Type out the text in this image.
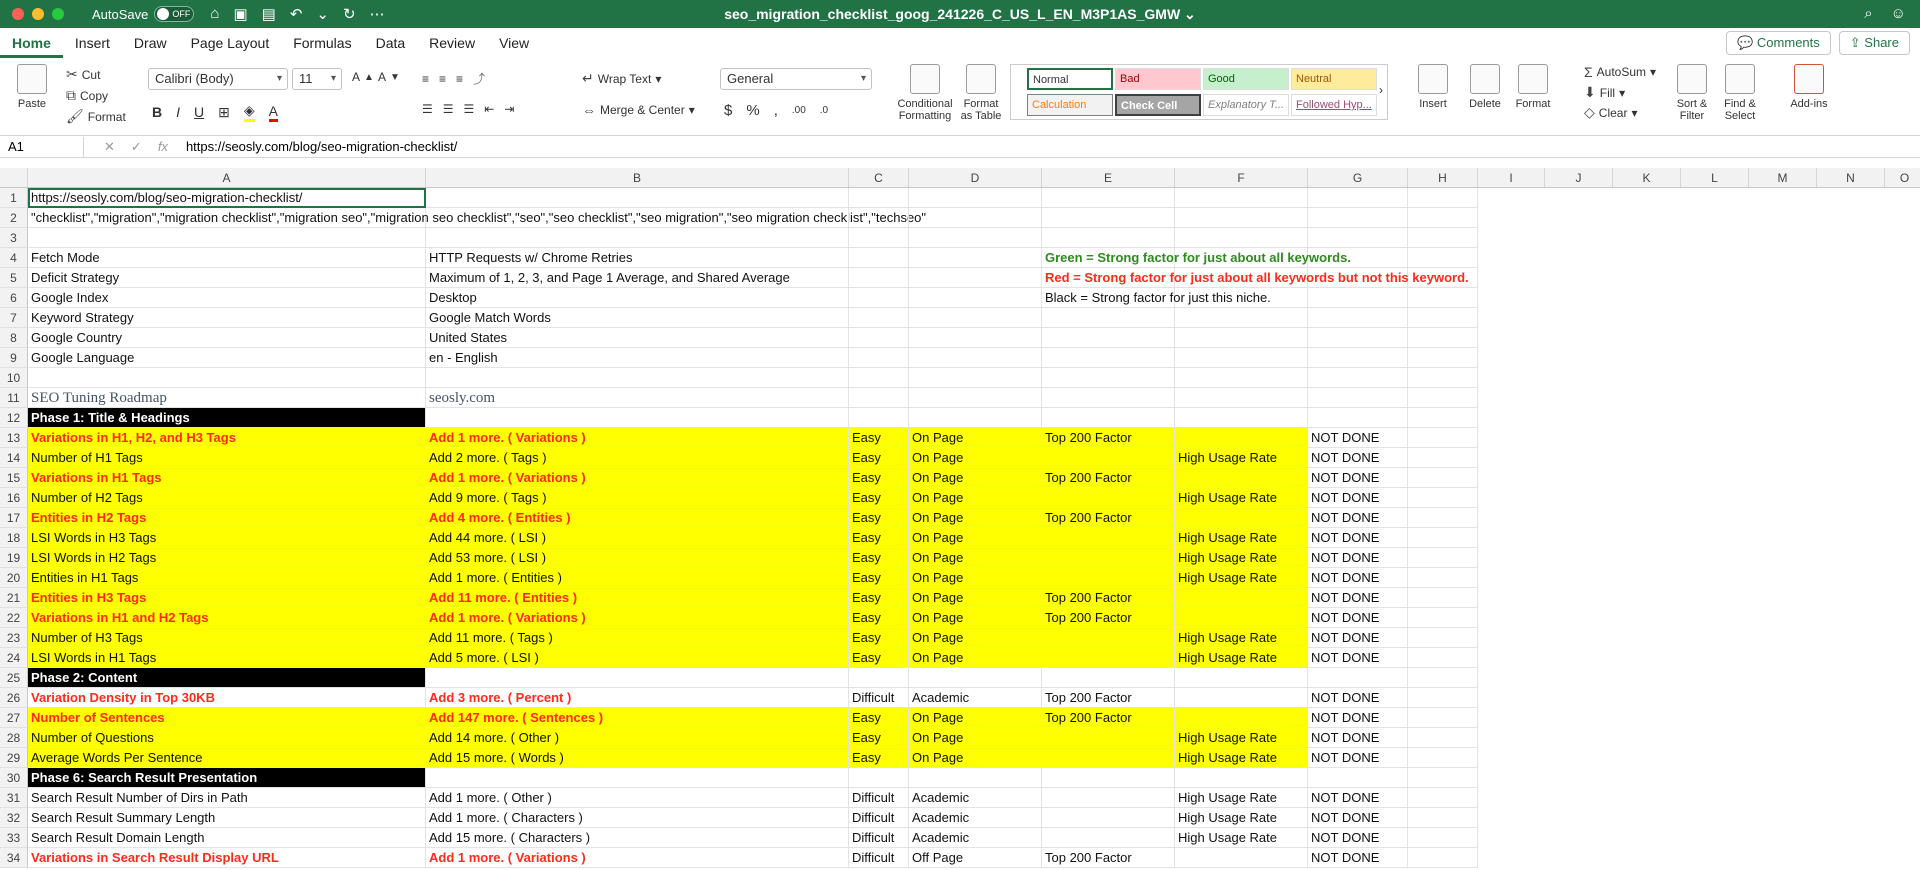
AutoSave	OFF ⌂ ▣ ▤ ↶ ⌄ ↻ ⋯	seo_migration_checklist_goog_241226_C_US_L_EN_M3P1AS_GMW ⌄	⌕ ☺
Home	Insert	Draw	Page Layout	Formulas	Data	Review	View	💬 Comments	⇪ Share
Paste
✂ Cut
⧉ Copy
🖌 Format
Calibri (Body) ▾	11 ▾	A ▲ A ▼
B I U ⊞ ◈ A
≡ ≡ ≡ ⤴
☰ ☰ ☰ ⇤ ⇥
↵ Wrap Text ▾
⇔ Merge & Center ▾
General ▾
$ % , .00 .0
Conditional
Formatting
Format
as Table
Normal	Bad	Good	Neutral
Calculation	Check Cell	Explanatory T...	Followed Hyp...
›
Insert	Delete	Format
Σ AutoSum ▾
⬇ Fill ▾
◇ Clear ▾
Sort &
Filter
Find &
Select
Add-ins
A1	✕ ✓ fx https://seosly.com/blog/seo-migration-checklist/
A	B	C	D	E	F	G	H	I	J	K	L	M	N	O
1	https://seosly.com/blog/seo-migration-checklist/
2	"checklist","migration","migration checklist","migration seo","migration seo checklist","seo","seo checklist","seo migration","seo migration checklist","techseo"
3
4	Fetch Mode	HTTP Requests w/ Chrome Retries	Green = Strong factor for just about all keywords.
5	Deficit Strategy	Maximum of 1, 2, 3, and Page 1 Average, and Shared Average	Red = Strong factor for just about all keywords but not this keyword.
6	Google Index	Desktop	Black = Strong factor for just this niche.
7	Keyword Strategy	Google Match Words
8	Google Country	United States
9	Google Language	en - English
10
11 SEO Tuning Roadmap	seosly.com
12 Phase 1: Title & Headings
13 Variations in H1, H2, and H3 Tags	Add 1 more. ( Variations )	Easy	On Page	Top 200 Factor	NOT DONE
14 Number of H1 Tags	Add 2 more. ( Tags )	Easy	On Page	High Usage Rate	NOT DONE
15 Variations in H1 Tags	Add 1 more. ( Variations )	Easy	On Page	Top 200 Factor	NOT DONE
16 Number of H2 Tags	Add 9 more. ( Tags )	Easy	On Page	High Usage Rate	NOT DONE
17 Entities in H2 Tags	Add 4 more. ( Entities )	Easy	On Page	Top 200 Factor	NOT DONE
18 LSI Words in H3 Tags	Add 44 more. ( LSI )	Easy	On Page	High Usage Rate	NOT DONE
19 LSI Words in H2 Tags	Add 53 more. ( LSI )	Easy	On Page	High Usage Rate	NOT DONE
20 Entities in H1 Tags	Add 1 more. ( Entities )	Easy	On Page	High Usage Rate	NOT DONE
21 Entities in H3 Tags	Add 11 more. ( Entities )	Easy	On Page	Top 200 Factor	NOT DONE
22 Variations in H1 and H2 Tags	Add 1 more. ( Variations )	Easy	On Page	Top 200 Factor	NOT DONE
23 Number of H3 Tags	Add 11 more. ( Tags )	Easy	On Page	High Usage Rate	NOT DONE
24 LSI Words in H1 Tags	Add 5 more. ( LSI )	Easy	On Page	High Usage Rate	NOT DONE
25 Phase 2: Content
26 Variation Density in Top 30KB	Add 3 more. ( Percent )	Difficult	Academic	Top 200 Factor	NOT DONE
27 Number of Sentences	Add 147 more. ( Sentences )	Easy	On Page	Top 200 Factor	NOT DONE
28 Number of Questions	Add 14 more. ( Other )	Easy	On Page	High Usage Rate	NOT DONE
29 Average Words Per Sentence	Add 15 more. ( Words )	Easy	On Page	High Usage Rate	NOT DONE
30 Phase 6: Search Result Presentation
31 Search Result Number of Dirs in Path	Add 1 more. ( Other )	Difficult	Academic	High Usage Rate	NOT DONE
32 Search Result Summary Length	Add 1 more. ( Characters )	Difficult	Academic	High Usage Rate	NOT DONE
33 Search Result Domain Length	Add 15 more. ( Characters )	Difficult	Academic	High Usage Rate	NOT DONE
34 Variations in Search Result Display URL	Add 1 more. ( Variations )	Difficult	Off Page	Top 200 Factor	NOT DONE
